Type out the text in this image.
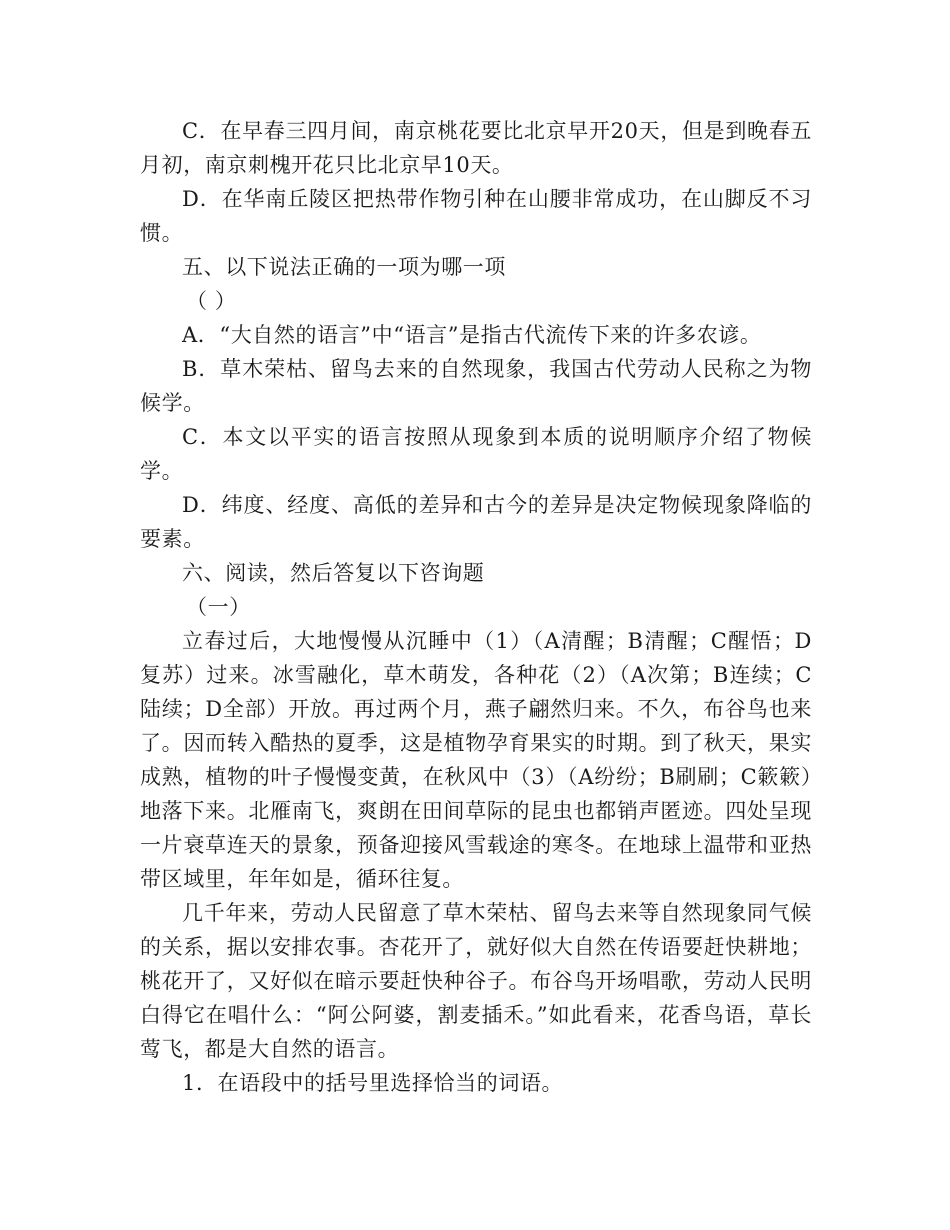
C．在早春三四月间，南京桃花要比北京早开20天，但是到晚春五月初，南京刺槐开花只比北京早10天。

D．在华南丘陵区把热带作物引种在山腰非常成功，在山脚反不习惯。

五、以下说法正确的一项为哪一项

（ ）

A．“大自然的语言”中“语言”是指古代流传下来的许多农谚。

B．草木荣枯、留鸟去来的自然现象，我国古代劳动人民称之为物候学。

C．本文以平实的语言按照从现象到本质的说明顺序介绍了物候学。

D．纬度、经度、高低的差异和古今的差异是决定物候现象降临的要素。

六、阅读，然后答复以下咨询题

（一）

立春过后，大地慢慢从沉睡中（1）（A清醒；B清醒；C醒悟；D复苏）过来。冰雪融化，草木萌发，各种花（2）（A次第；B连续；C陆续；D全部）开放。再过两个月，燕子翩然归来。不久，布谷鸟也来了。因而转入酷热的夏季，这是植物孕育果实的时期。到了秋天，果实成熟，植物的叶子慢慢变黄，在秋风中（3）（A纷纷；B刷刷；C簌簌）地落下来。北雁南飞，爽朗在田间草际的昆虫也都销声匿迹。四处呈现一片衰草连天的景象，预备迎接风雪载途的寒冬。在地球上温带和亚热带区域里，年年如是，循环往复。

几千年来，劳动人民留意了草木荣枯、留鸟去来等自然现象同气候的关系，据以安排农事。杏花开了，就好似大自然在传语要赶快耕地；桃花开了，又好似在暗示要赶快种谷子。布谷鸟开场唱歌，劳动人民明白得它在唱什么：“阿公阿婆，割麦插禾。”如此看来，花香鸟语，草长莺飞，都是大自然的语言。

1．在语段中的括号里选择恰当的词语。
